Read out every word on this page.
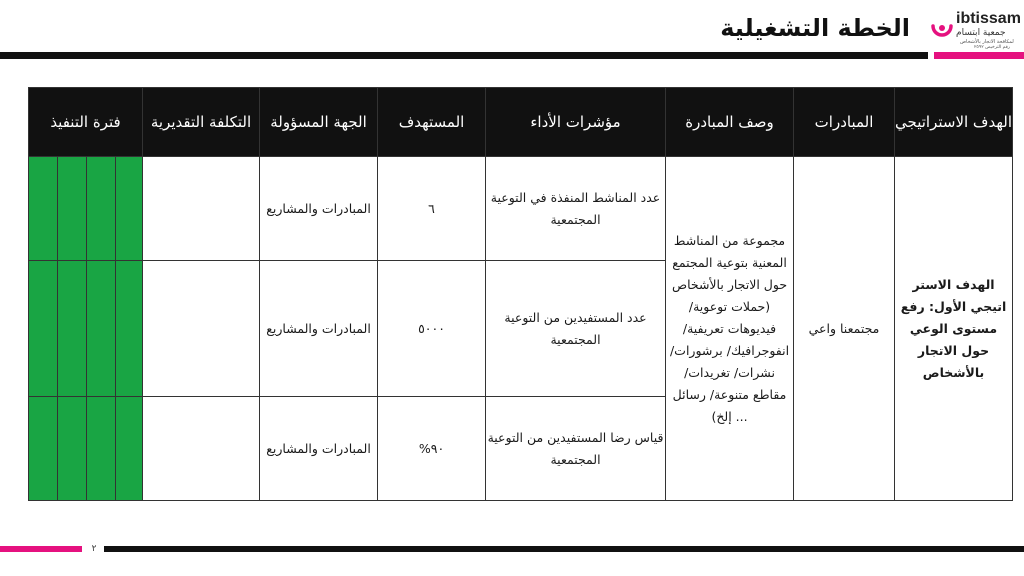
الخطة التشغيلية	ibtissam
جمعية ابتسام
لمكافحة الاتجار بالأشخاص
رقم الترخيص ٢٥٩٢
الهدف الاستراتيجي	المبادرات	وصف المبادرة	مؤشرات الأداء	المستهدف	الجهة المسؤولة	التكلفة التقديرية	فترة التنفيذ			
الهدف الاستر اتيجي الأول: رفع مستوى الوعي حول الاتجار بالأشخاص	مجتمعنا واعي	مجموعة من المناشط المعنية بتوعية المجتمع حول الاتجار بالأشخاص (حملات توعوية/ فيديوهات تعريفية/ انفوجرافيك/ برشورات/ نشرات/ تغريدات/ مقاطع متنوعة/ رسائل ... إلخ)	عدد المناشط المنفذة في التوعية المجتمعية	٦	المبادرات والمشاريع					
			عدد المستفيدين من التوعية المجتمعية	٥٠٠٠	المبادرات والمشاريع					
			قياس رضا المستفيدين من التوعية المجتمعية	٩٠%	المبادرات والمشاريع					
٢
